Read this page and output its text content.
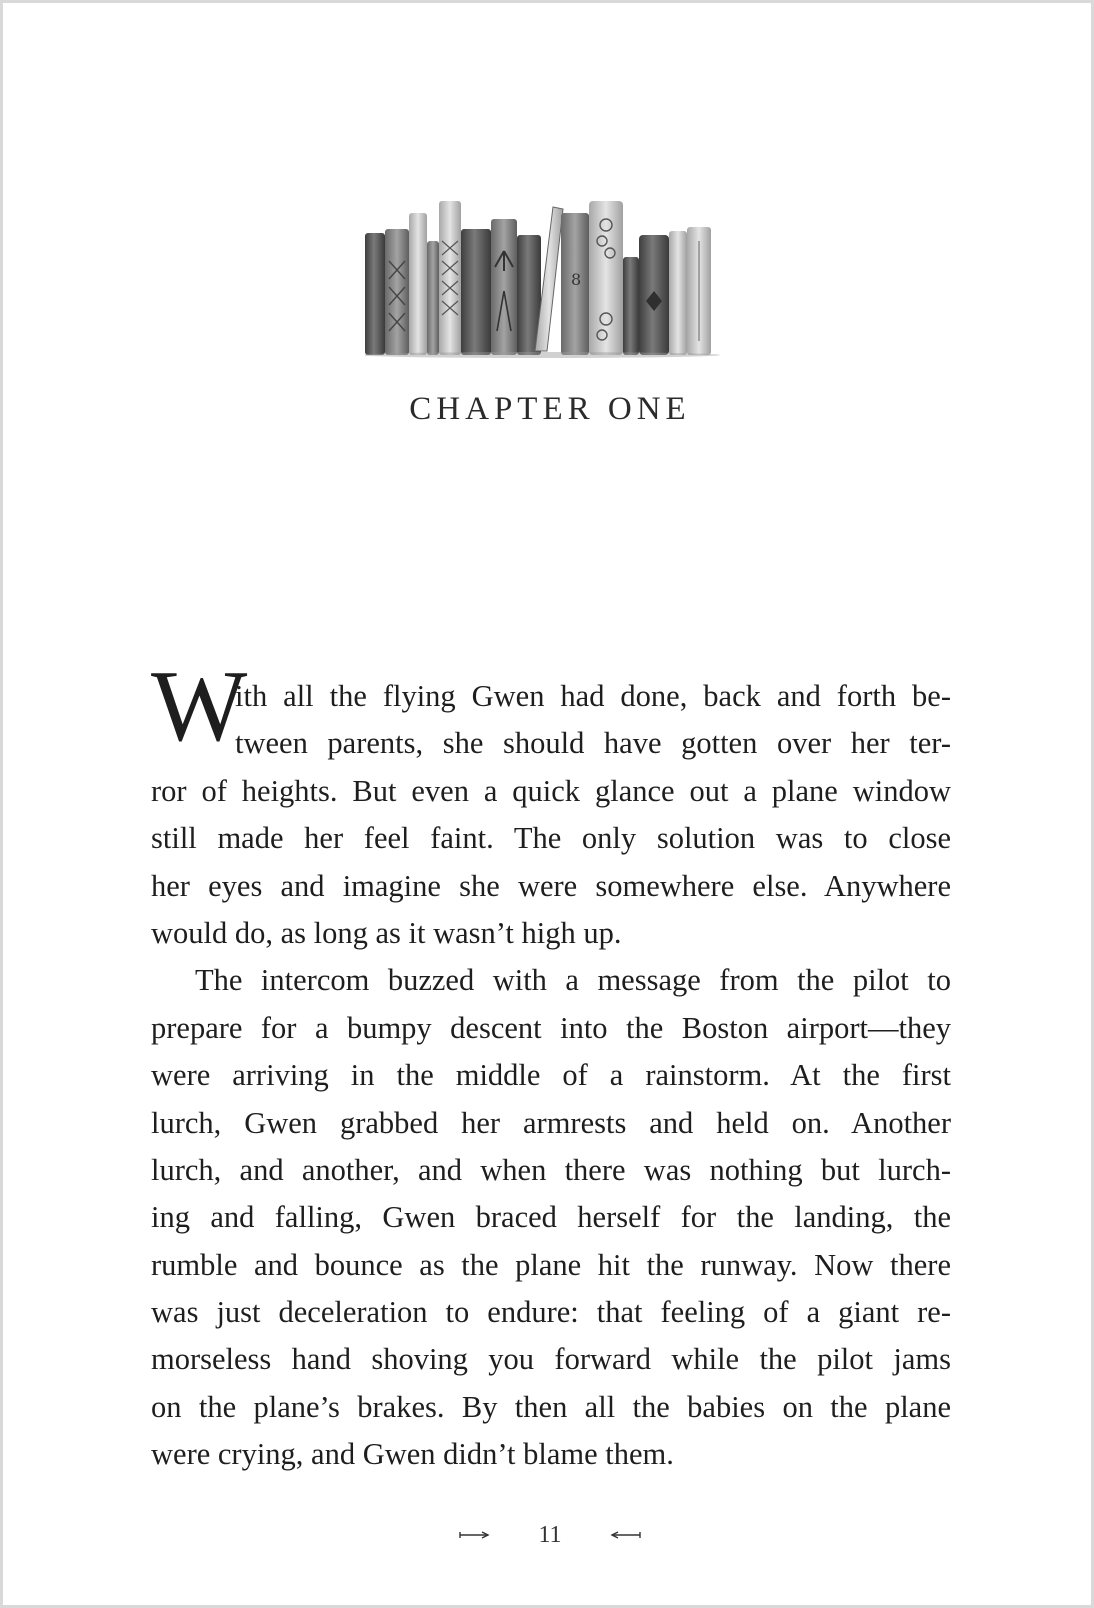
8
CHAPTER ONE
W
ith all the flying Gwen had done, back and forth be-
tween parents, she should have gotten over her ter-
ror of heights. But even a quick glance out a plane window
still made her feel faint. The only solution was to close
her eyes and imagine she were somewhere else. Anywhere
would do, as long as it wasn’t high up.
The intercom buzzed with a message from the pilot to
prepare for a bumpy descent into the Boston airport—they
were arriving in the middle of a rainstorm. At the first
lurch, Gwen grabbed her armrests and held on. Another
lurch, and another, and when there was nothing but lurch-
ing and falling, Gwen braced herself for the landing, the
rumble and bounce as the plane hit the runway. Now there
was just deceleration to endure: that feeling of a giant re-
morseless hand shoving you forward while the pilot jams
on the plane’s brakes. By then all the babies on the plane
were crying, and Gwen didn’t blame them.
11
